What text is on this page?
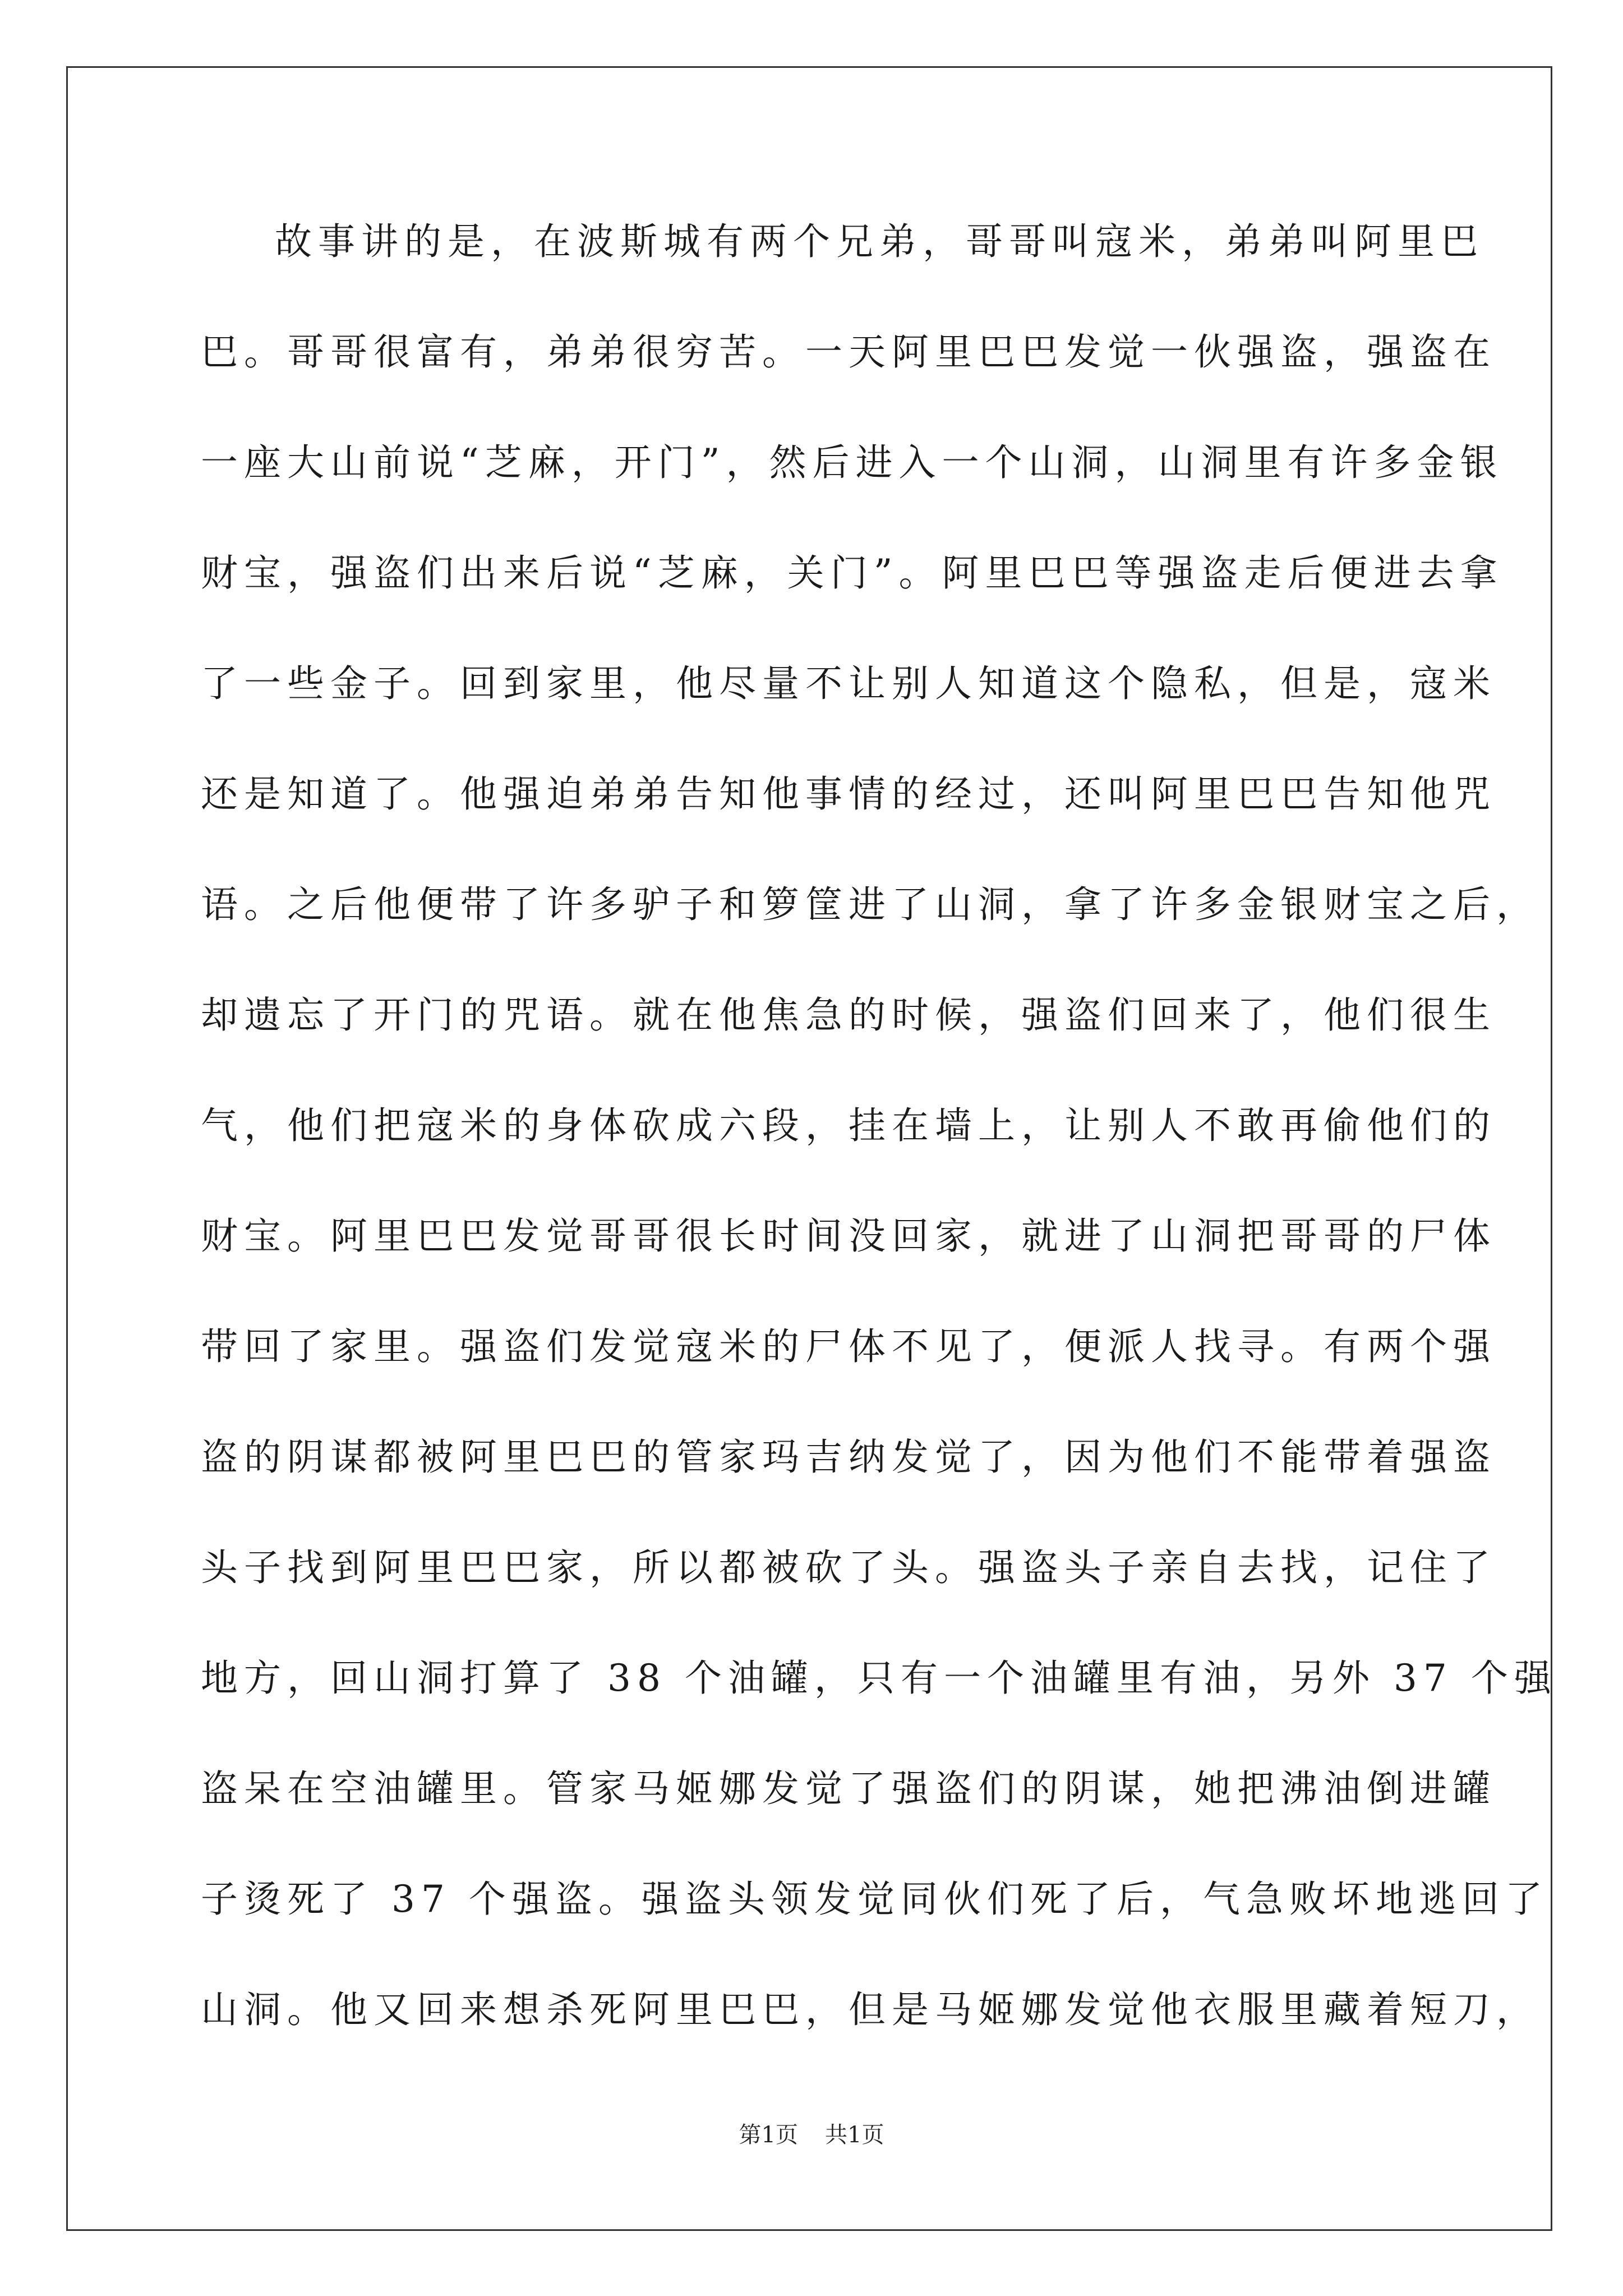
故事讲的是，在波斯城有两个兄弟，哥哥叫寇米，弟弟叫阿里巴
巴。哥哥很富有，弟弟很穷苦。一天阿里巴巴发觉一伙强盗，强盗在
一座大山前说“芝麻，开门”，然后进入一个山洞，山洞里有许多金银
财宝，强盗们出来后说“芝麻，关门”。阿里巴巴等强盗走后便进去拿
了一些金子。回到家里，他尽量不让别人知道这个隐私，但是，寇米
还是知道了。他强迫弟弟告知他事情的经过，还叫阿里巴巴告知他咒
语。之后他便带了许多驴子和箩筐进了山洞，拿了许多金银财宝之后，
却遗忘了开门的咒语。就在他焦急的时候，强盗们回来了，他们很生
气，他们把寇米的身体砍成六段，挂在墙上，让别人不敢再偷他们的
财宝。阿里巴巴发觉哥哥很长时间没回家，就进了山洞把哥哥的尸体
带回了家里。强盗们发觉寇米的尸体不见了，便派人找寻。有两个强
盗的阴谋都被阿里巴巴的管家玛吉纳发觉了，因为他们不能带着强盗
头子找到阿里巴巴家，所以都被砍了头。强盗头子亲自去找，记住了
地方，回山洞打算了 38 个油罐，只有一个油罐里有油，另外 37 个强
盗呆在空油罐里。管家马姬娜发觉了强盗们的阴谋，她把沸油倒进罐
子烫死了 37 个强盗。强盗头领发觉同伙们死了后，气急败坏地逃回了
山洞。他又回来想杀死阿里巴巴，但是马姬娜发觉他衣服里藏着短刀，
第1页 共1页
